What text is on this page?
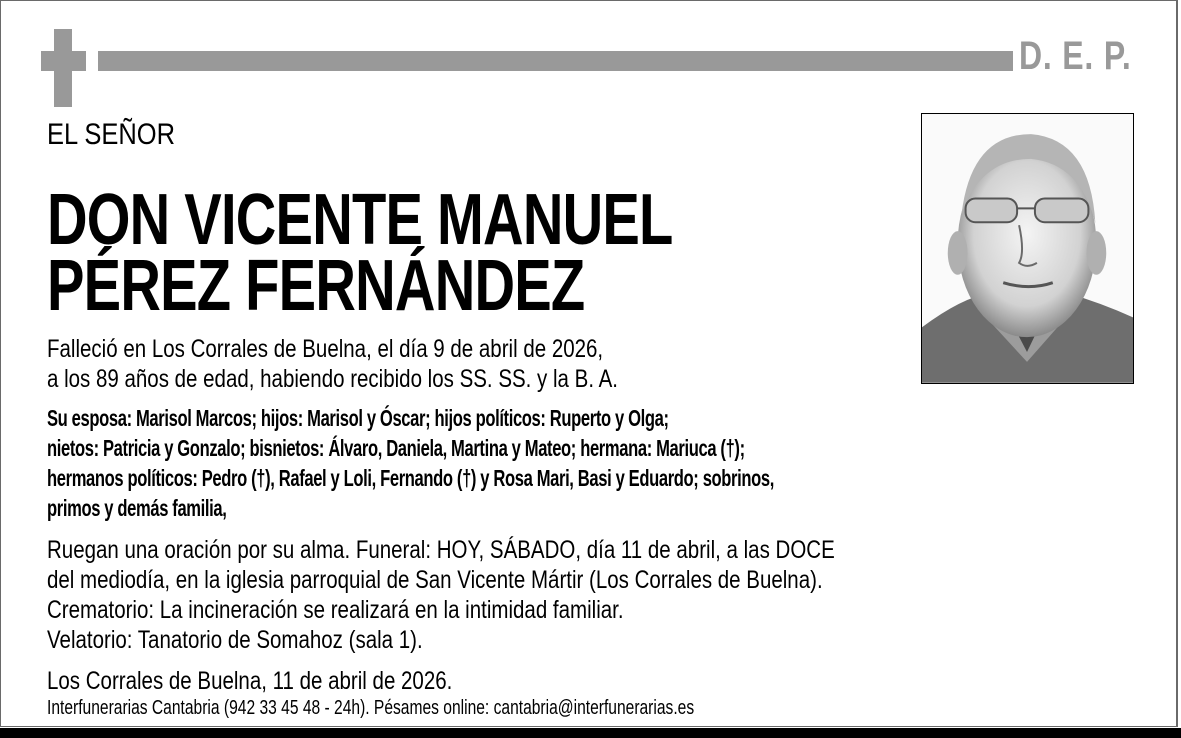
D. E. P.
EL SEÑOR
DON VICENTE MANUEL
PÉREZ FERNÁNDEZ
Falleció en Los Corrales de Buelna, el día 9 de abril de 2026,
a los 89 años de edad, habiendo recibido los SS. SS. y la B. A.
Su esposa: Marisol Marcos; hijos: Marisol y Óscar; hijos políticos: Ruperto y Olga;
nietos: Patricia y Gonzalo; bisnietos: Álvaro, Daniela, Martina y Mateo; hermana: Mariuca (†);
hermanos políticos: Pedro (†), Rafael y Loli, Fernando (†) y Rosa Mari, Basi y Eduardo; sobrinos,
primos y demás familia,
Ruegan una oración por su alma. Funeral: HOY, SÁBADO, día 11 de abril, a las DOCE
del mediodía, en la iglesia parroquial de San Vicente Mártir (Los Corrales de Buelna).
Crematorio: La incineración se realizará en la intimidad familiar.
Velatorio: Tanatorio de Somahoz (sala 1).
Los Corrales de Buelna, 11 de abril de 2026.
Interfunerarias Cantabria (942 33 45 48 - 24h). Pésames online: cantabria@interfunerarias.es
